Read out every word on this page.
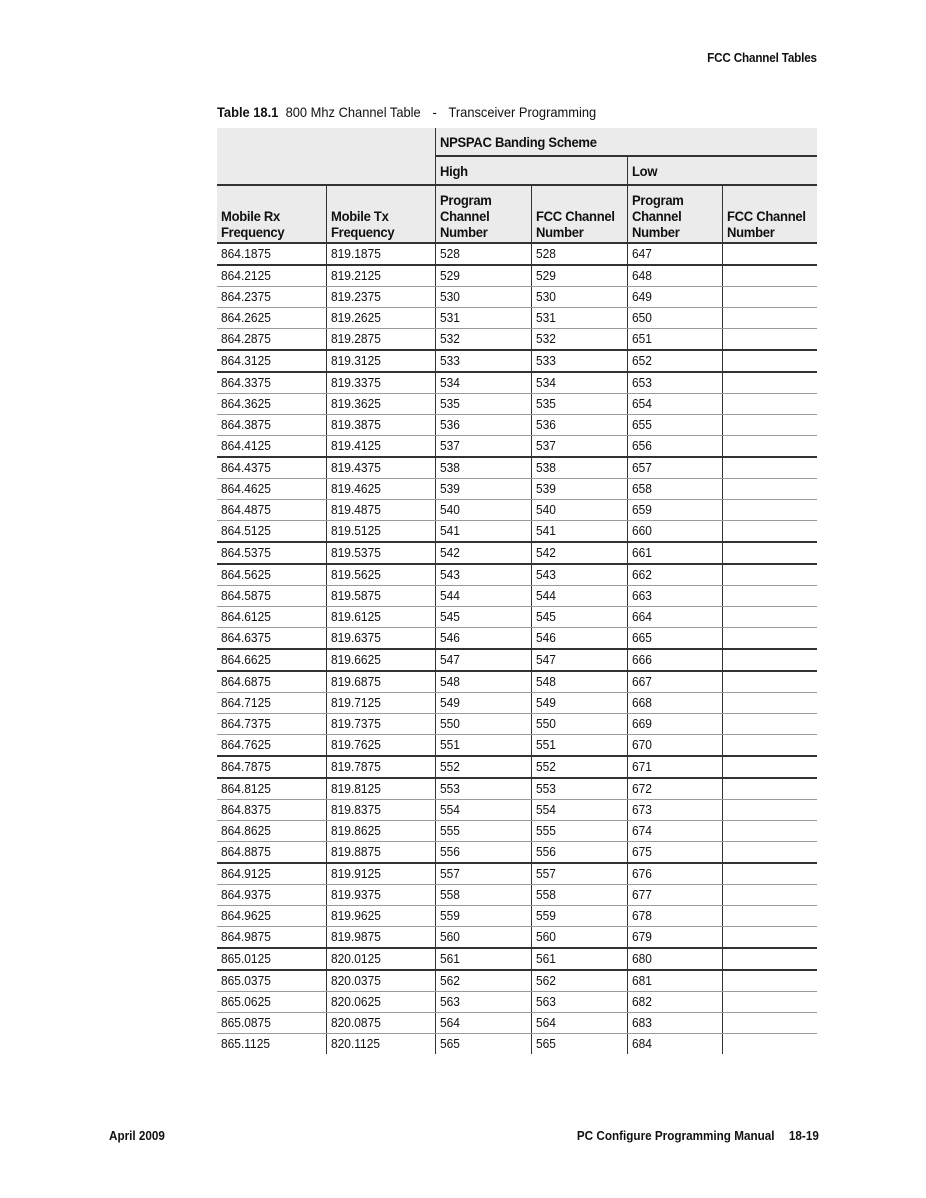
FCC Channel Tables
Table 18.1 800 Mhz Channel Table - Transceiver Programming
		NPSPAC Banding Scheme			
		High		Low	
Mobile Rx
Frequency	Mobile Tx
Frequency	Program
Channel
Number	FCC Channel
Number	Program
Channel
Number	FCC Channel
Number
864.1875	819.1875	528	528	647	
864.2125	819.2125	529	529	648	
864.2375	819.2375	530	530	649	
864.2625	819.2625	531	531	650	
864.2875	819.2875	532	532	651	
864.3125	819.3125	533	533	652	
864.3375	819.3375	534	534	653	
864.3625	819.3625	535	535	654	
864.3875	819.3875	536	536	655	
864.4125	819.4125	537	537	656	
864.4375	819.4375	538	538	657	
864.4625	819.4625	539	539	658	
864.4875	819.4875	540	540	659	
864.5125	819.5125	541	541	660	
864.5375	819.5375	542	542	661	
864.5625	819.5625	543	543	662	
864.5875	819.5875	544	544	663	
864.6125	819.6125	545	545	664	
864.6375	819.6375	546	546	665	
864.6625	819.6625	547	547	666	
864.6875	819.6875	548	548	667	
864.7125	819.7125	549	549	668	
864.7375	819.7375	550	550	669	
864.7625	819.7625	551	551	670	
864.7875	819.7875	552	552	671	
864.8125	819.8125	553	553	672	
864.8375	819.8375	554	554	673	
864.8625	819.8625	555	555	674	
864.8875	819.8875	556	556	675	
864.9125	819.9125	557	557	676	
864.9375	819.9375	558	558	677	
864.9625	819.9625	559	559	678	
864.9875	819.9875	560	560	679	
865.0125	820.0125	561	561	680	
865.0375	820.0375	562	562	681	
865.0625	820.0625	563	563	682	
865.0875	820.0875	564	564	683	
865.1125	820.1125	565	565	684	
April 2009	PC Configure Programming Manual 18-19
